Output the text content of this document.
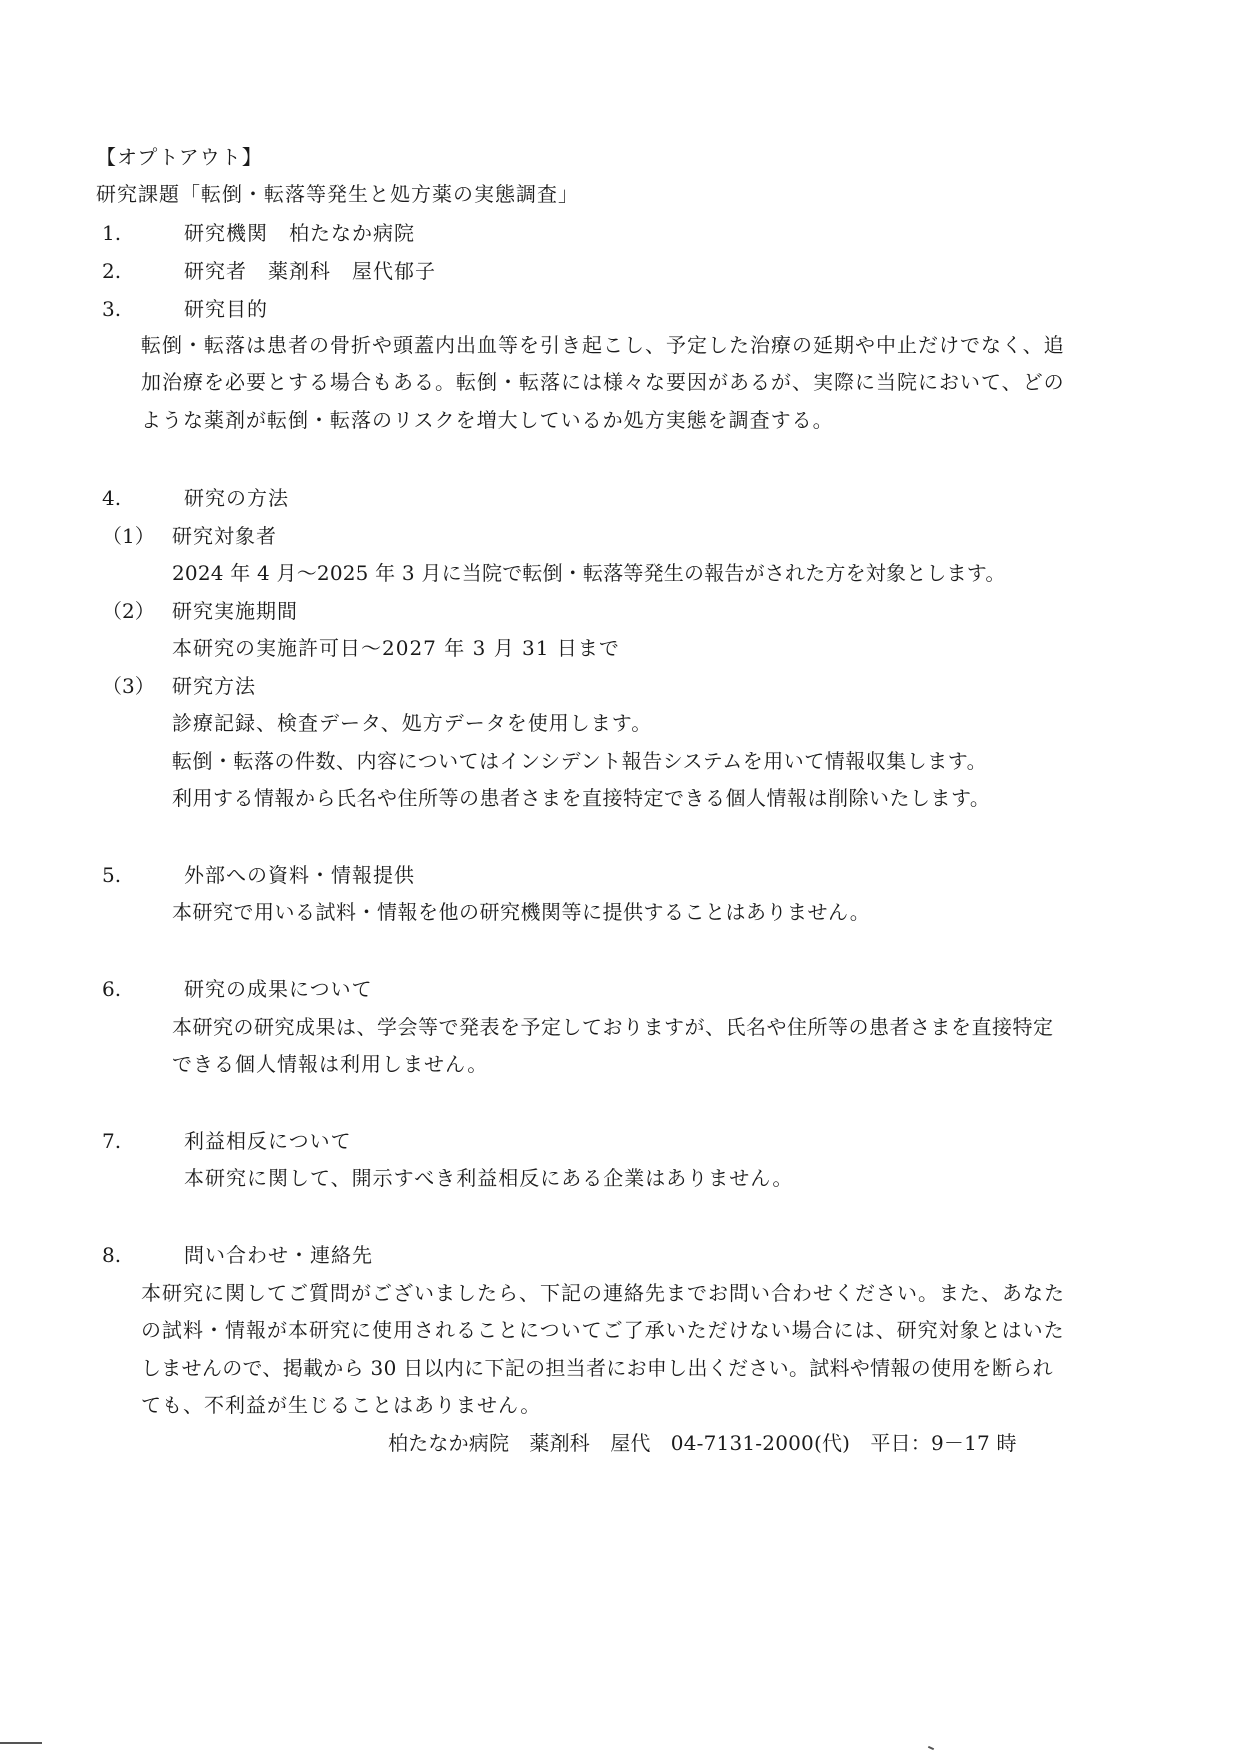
【オプトアウト】
研究課題「転倒・転落等発生と処方薬の実態調査」
1.	研究機関　柏たなか病院
2.	研究者　薬剤科　屋代郁子
3.	研究目的
転倒・転落は患者の骨折や頭蓋内出血等を引き起こし、予定した治療の延期や中止だけでなく、追
加治療を必要とする場合もある。転倒・転落には様々な要因があるが、実際に当院において、どの
ような薬剤が転倒・転落のリスクを増大しているか処方実態を調査する。
4.	研究の方法
（1） 研究対象者
2024 年 4 月～2025 年 3 月に当院で転倒・転落等発生の報告がされた方を対象とします。
（2） 研究実施期間
本研究の実施許可日～2027 年 3 月 31 日まで
（3） 研究方法
診療記録、検査データ、処方データを使用します。
転倒・転落の件数、内容についてはインシデント報告システムを用いて情報収集します。
利用する情報から氏名や住所等の患者さまを直接特定できる個人情報は削除いたします。
5.	外部への資料・情報提供
本研究で用いる試料・情報を他の研究機関等に提供することはありません。
6.	研究の成果について
本研究の研究成果は、学会等で発表を予定しておりますが、氏名や住所等の患者さまを直接特定
できる個人情報は利用しません。
7.	利益相反について
本研究に関して、開示すべき利益相反にある企業はありません。
8.	問い合わせ・連絡先
本研究に関してご質問がございましたら、下記の連絡先までお問い合わせください。また、あなた
の試料・情報が本研究に使用されることについてご了承いただけない場合には、研究対象とはいた
しませんので、掲載から 30 日以内に下記の担当者にお申し出ください。試料や情報の使用を断られ
ても、不利益が生じることはありません。
柏たなか病院　薬剤科　屋代　04-7131-2000(代)　平日：9－17 時
